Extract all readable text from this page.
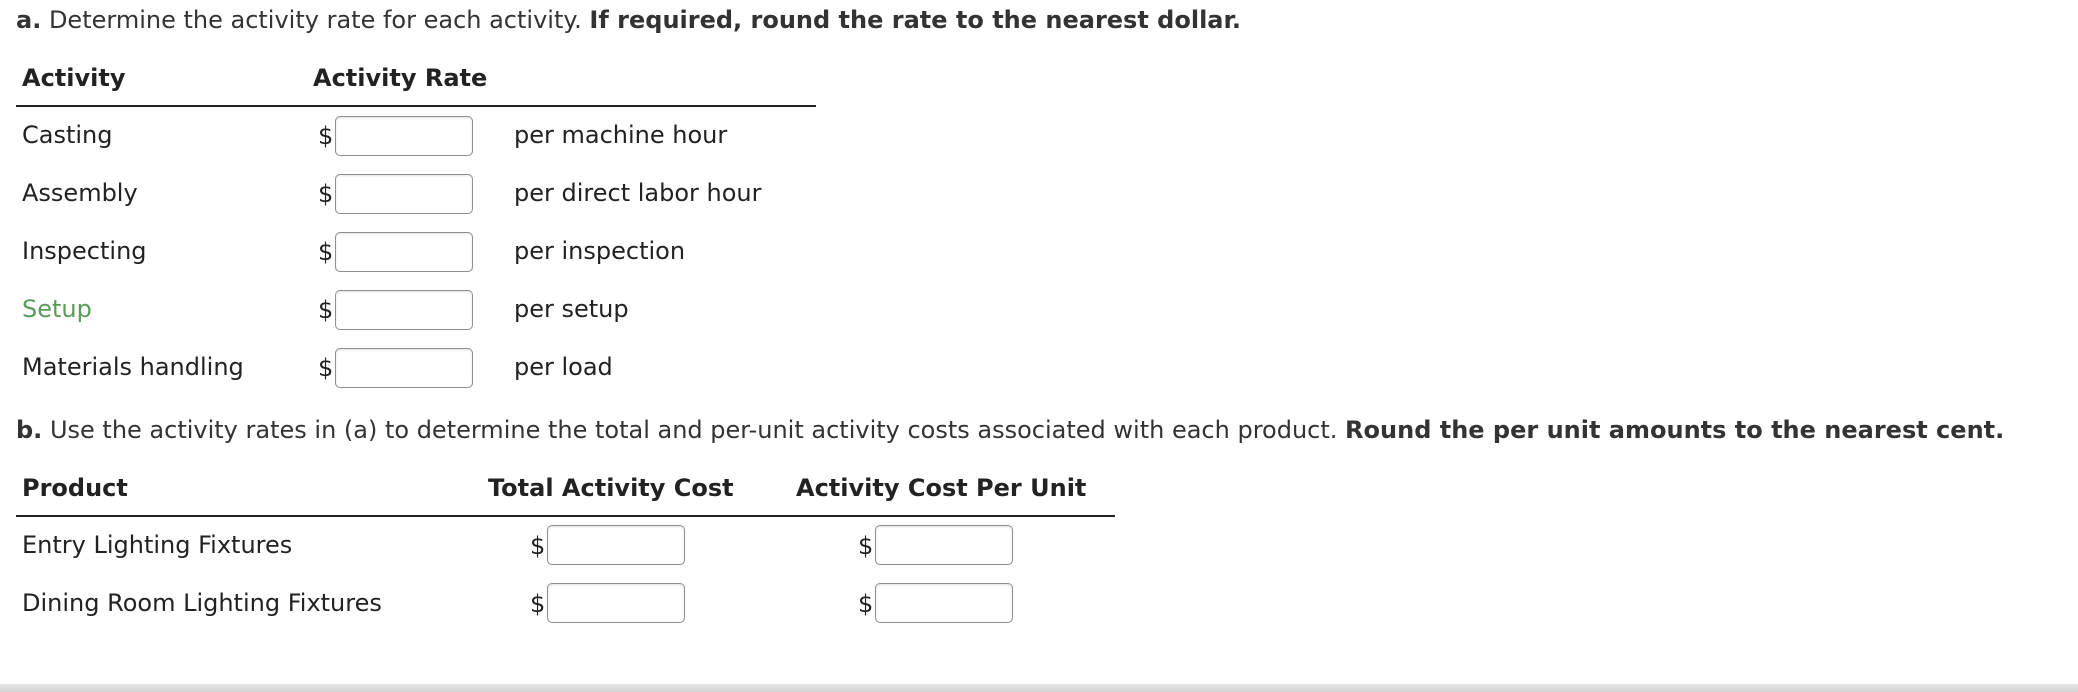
a. Determine the activity rate for each activity. If required, round the rate to the nearest dollar.
Activity	Activity Rate
Casting	$	per machine hour
Assembly	$	per direct labor hour
Inspecting	$	per inspection
Setup	$	per setup
Materials handling	$	per load
b. Use the activity rates in (a) to determine the total and per-unit activity costs associated with each product. Round the per unit amounts to the nearest cent.
Product	Total Activity Cost	Activity Cost Per Unit
Entry Lighting Fixtures	$	$
Dining Room Lighting Fixtures	$	$
